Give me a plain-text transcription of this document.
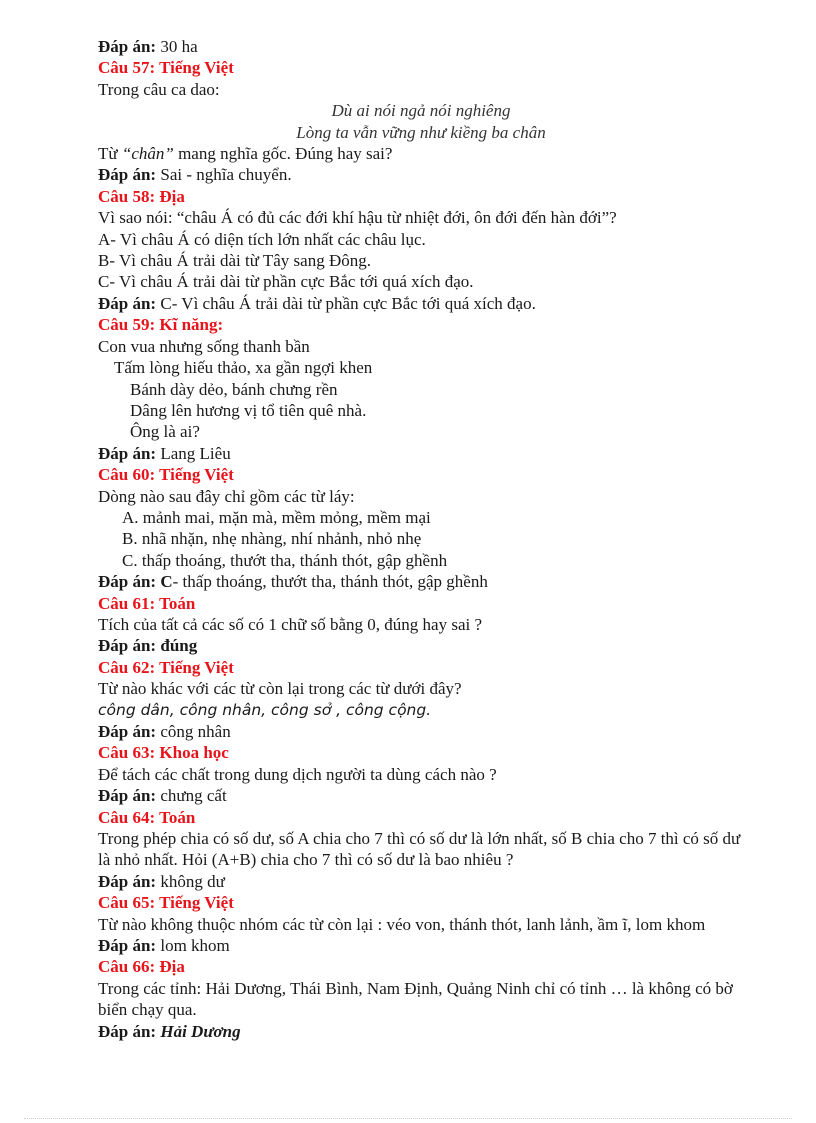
Đáp án: 30 ha
Câu 57: Tiếng Việt
Trong câu ca dao:
Dù ai nói ngả nói nghiêng
Lòng ta vẫn vững như kiềng ba chân
Từ “chân” mang nghĩa gốc. Đúng hay sai?
Đáp án: Sai - nghĩa chuyển.
Câu 58: Địa
Vì sao nói: “châu Á có đủ các đới khí hậu từ nhiệt đới, ôn đới đến hàn đới”?
A- Vì châu Á có diện tích lớn nhất các châu lục.
B- Vì châu Á trải dài từ Tây sang Đông.
C- Vì châu Á trải dài từ phần cực Bắc tới quá xích đạo.
Đáp án: C- Vì châu Á trải dài từ phần cực Bắc tới quá xích đạo.
Câu 59: Kĩ năng:
Con vua nhưng sống thanh bần
Tấm lòng hiếu thảo, xa gần ngợi khen
Bánh dày dẻo, bánh chưng rền
Dâng lên hương vị tổ tiên quê nhà.
Ông là ai?
Đáp án: Lang Liêu
Câu 60: Tiếng Việt
Dòng nào sau đây chỉ gồm các từ láy:
A. mảnh mai, mặn mà, mềm mỏng, mềm mại
B. nhã nhặn, nhẹ nhàng, nhí nhảnh, nhỏ nhẹ
C. thấp thoáng, thướt tha, thánh thót, gập ghềnh
Đáp án: C- thấp thoáng, thướt tha, thánh thót, gập ghềnh
Câu 61: Toán
Tích của tất cả các số có 1 chữ số bằng 0, đúng hay sai ?
Đáp án: đúng
Câu 62: Tiếng Việt
Từ nào khác với các từ còn lại trong các từ dưới đây?
công dân, công nhân, công sở , công cộng.
Đáp án: công nhân
Câu 63: Khoa học
Để tách các chất trong dung dịch người ta dùng cách nào ?
Đáp án: chưng cất
Câu 64: Toán
Trong phép chia có số dư, số A chia cho 7 thì có số dư là lớn nhất, số B chia cho 7 thì có số dư là nhỏ nhất. Hỏi (A+B) chia cho 7 thì có số dư là bao nhiêu ?
Đáp án: không dư
Câu 65: Tiếng Việt
Từ nào không thuộc nhóm các từ còn lại : véo von, thánh thót, lanh lảnh, ầm ĩ, lom khom
Đáp án: lom khom
Câu 66: Địa
Trong các tỉnh: Hải Dương, Thái Bình, Nam Định, Quảng Ninh chỉ có tỉnh … là không có bờ biển chạy qua.
Đáp án: Hải Dương
